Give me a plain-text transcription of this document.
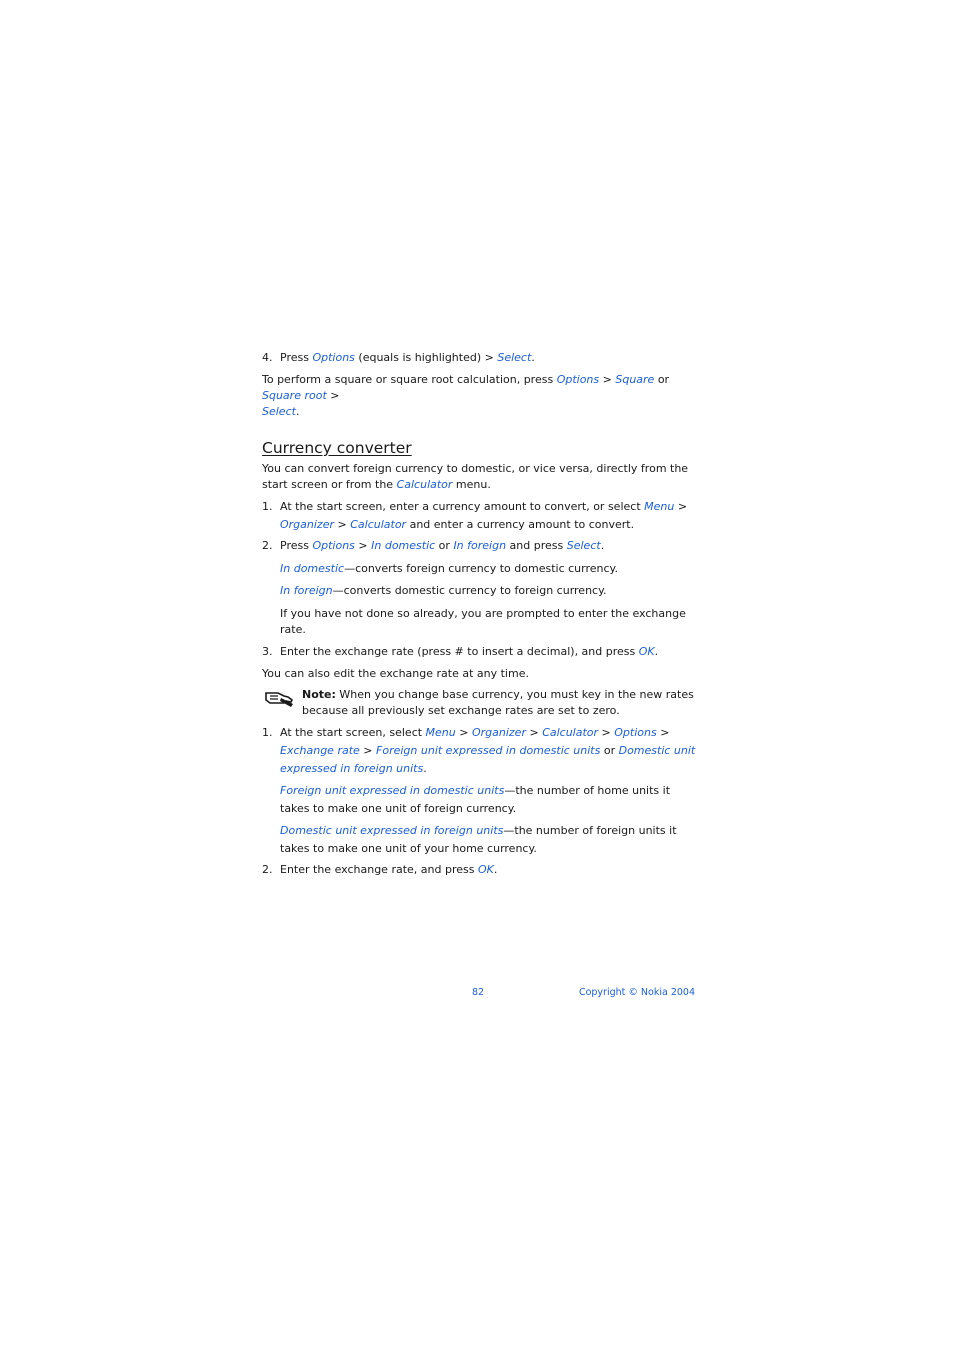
4. Press Options (equals is highlighted) > Select.

To perform a square or square root calculation, press Options > Square or Square root >
Select.

Currency converter

You can convert foreign currency to domestic, or vice versa, directly from the start screen or from the Calculator menu.

1. At the start screen, enter a currency amount to convert, or select Menu > Organizer > Calculator and enter a currency amount to convert.

2. Press Options > In domestic or In foreign and press Select.

In domestic—converts foreign currency to domestic currency.

In foreign—converts domestic currency to foreign currency.

If you have not done so already, you are prompted to enter the exchange rate.

3. Enter the exchange rate (press # to insert a decimal), and press OK.

You can also edit the exchange rate at any time.

Note: When you change base currency, you must key in the new rates because all previously set exchange rates are set to zero.

1. At the start screen, select Menu > Organizer > Calculator > Options > Exchange rate > Foreign unit expressed in domestic units or Domestic unit expressed in foreign units.

Foreign unit expressed in domestic units—the number of home units it takes to make one unit of foreign currency.

Domestic unit expressed in foreign units—the number of foreign units it takes to make one unit of your home currency.

2. Enter the exchange rate, and press OK.

82	Copyright © Nokia 2004
